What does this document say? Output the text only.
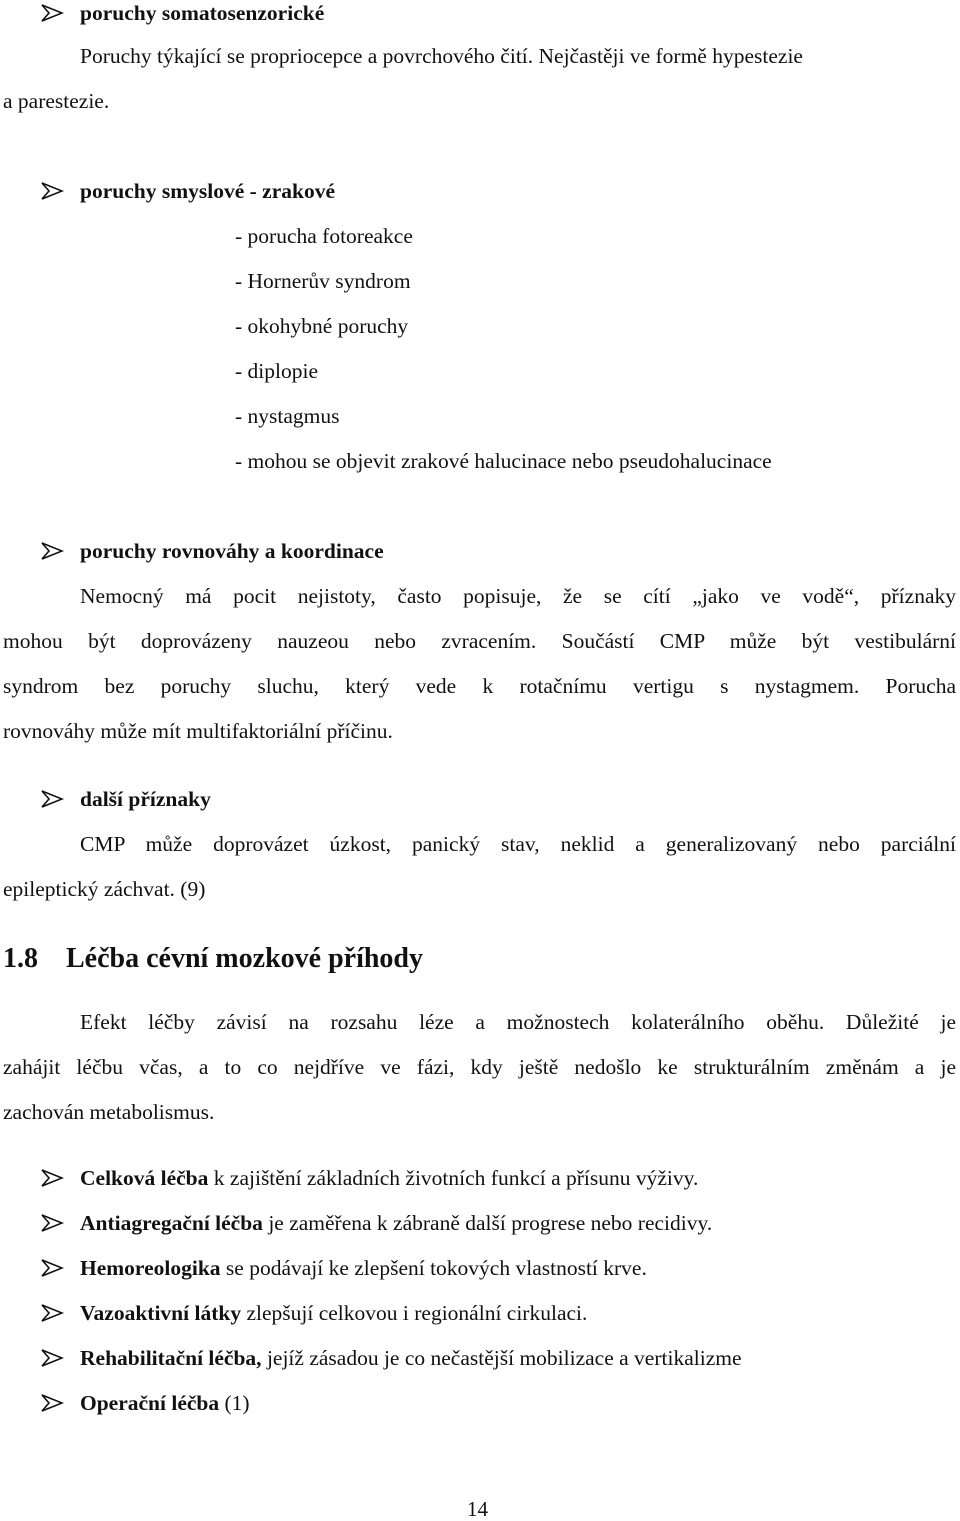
poruchy somatosenzorické
Poruchy týkající se propriocepce a povrchového čití. Nejčastěji ve formě hypestezie
a parestezie.
poruchy smyslové - zrakové
- porucha fotoreakce
- Hornerův syndrom
- okohybné poruchy
- diplopie
- nystagmus
- mohou se objevit zrakové halucinace nebo pseudohalucinace
poruchy rovnováhy a koordinace
Nemocný má pocit nejistoty, často popisuje, že se cítí „jako ve vodě“, příznaky
mohou být doprovázeny nauzeou nebo zvracením. Součástí CMP může být vestibulární
syndrom bez poruchy sluchu, který vede k rotačnímu vertigu s nystagmem. Porucha
rovnováhy může mít multifaktoriální příčinu.
další příznaky
CMP může doprovázet úzkost, panický stav, neklid a generalizovaný nebo parciální
epileptický záchvat. (9)
1.8 Léčba cévní mozkové příhody
Efekt léčby závisí na rozsahu léze a možnostech kolaterálního oběhu. Důležité je
zahájit léčbu včas, a to co nejdříve ve fázi, kdy ještě nedošlo ke strukturálním změnám a je
zachován metabolismus.
Celková léčba k zajištění základních životních funkcí a přísunu výživy.
Antiagregační léčba je zaměřena k zábraně další progrese nebo recidivy.
Hemoreologika se podávají ke zlepšení tokových vlastností krve.
Vazoaktivní látky zlepšují celkovou i regionální cirkulaci.
Rehabilitační léčba, jejíž zásadou je co nečastější mobilizace a vertikalizme
Operační léčba (1)
14
